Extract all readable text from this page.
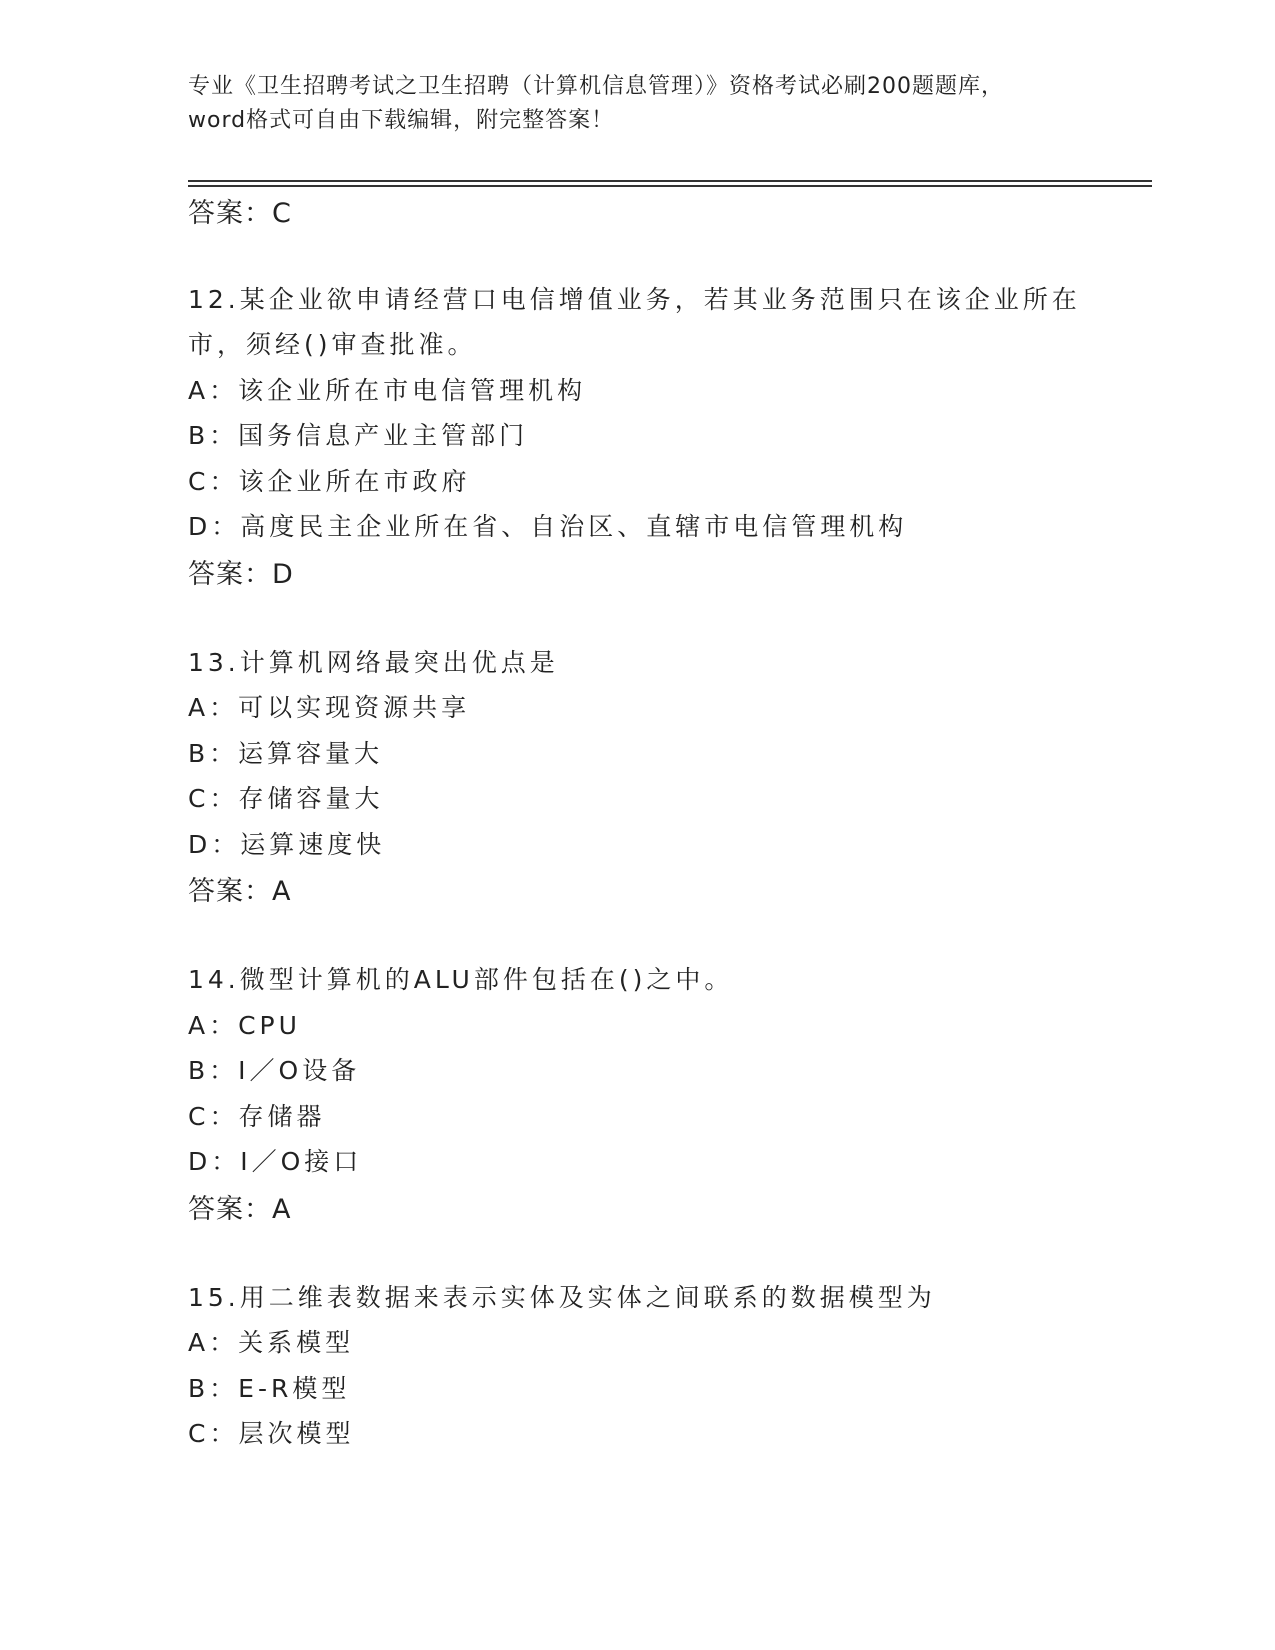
专业《卫生招聘考试之卫生招聘（计算机信息管理）》资格考试必刷200题题库，
word格式可自由下载编辑，附完整答案！
答案：C
12.某企业欲申请经营口电信增值业务，若其业务范围只在该企业所在
市，须经()审查批准。
A：该企业所在市电信管理机构
B：国务信息产业主管部门
C：该企业所在市政府
D：高度民主企业所在省、自治区、直辖市电信管理机构
答案：D
13.计算机网络最突出优点是
A：可以实现资源共享
B：运算容量大
C：存储容量大
D：运算速度快
答案：A
14.微型计算机的ALU部件包括在()之中。
A：CPU
B：I／O设备
C：存储器
D：I／O接口
答案：A
15.用二维表数据来表示实体及实体之间联系的数据模型为
A：关系模型
B：E-R模型
C：层次模型
